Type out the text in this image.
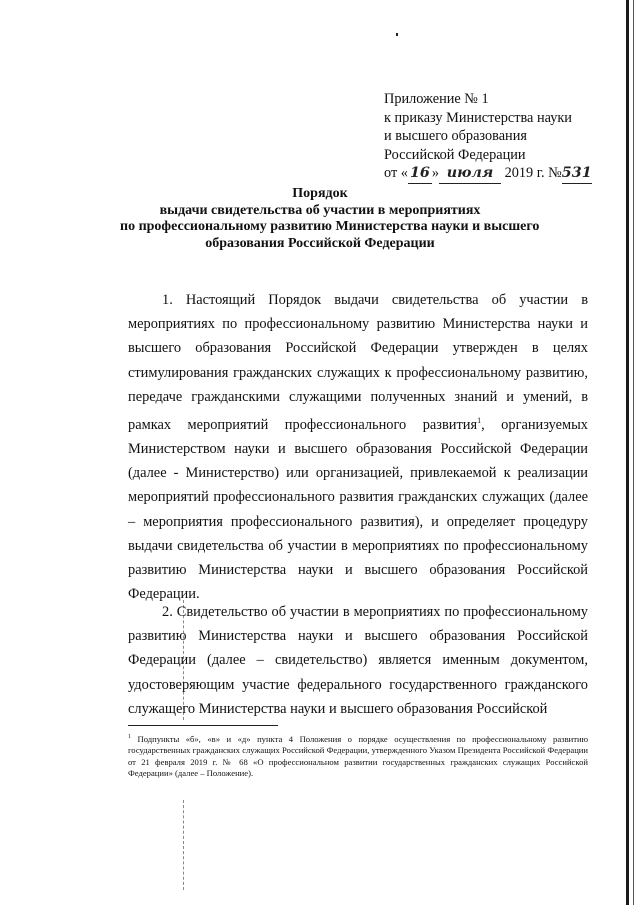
Приложение № 1
к приказу Министерства науки
и высшего образования
Российской Федерации
от « 16 » июля 2019 г. №531
Порядок
выдачи свидетельства об участии в мероприятиях
по профессиональному развитию Министерства науки и высшего
образования Российской Федерации
1. Настоящий Порядок выдачи свидетельства об участии в мероприятиях по профессиональному развитию Министерства науки и высшего образования Российской Федерации утвержден в целях стимулирования гражданских служащих к профессиональному развитию, передаче гражданскими служащими полученных знаний и умений, в рамках мероприятий профессионального развития$^1$, организуемых Министерством науки и высшего образования Российской Федерации (далее - Министерство) или организацией, привлекаемой к реализации мероприятий профессионального развития гражданских служащих (далее – мероприятия профессионального развития), и определяет процедуру выдачи свидетельства об участии в мероприятиях по профессиональному развитию Министерства науки и высшего образования Российской Федерации.
2. Свидетельство об участии в мероприятиях по профессиональному развитию Министерства науки и высшего образования Российской Федерации (далее – свидетельство) является именным документом, удостоверяющим участие федерального государственного гражданского служащего Министерства науки и высшего образования Российской
$^1$ Подпункты «б», «в» и «д» пункта 4 Положения о порядке осуществления по профессиональному развитию государственных гражданских служащих Российской Федерации, утвержденного Указом Президента Российской Федерации от 21 февраля 2019 г. № 68 «О профессиональном развитии государственных гражданских служащих Российской Федерации» (далее – Положение).
